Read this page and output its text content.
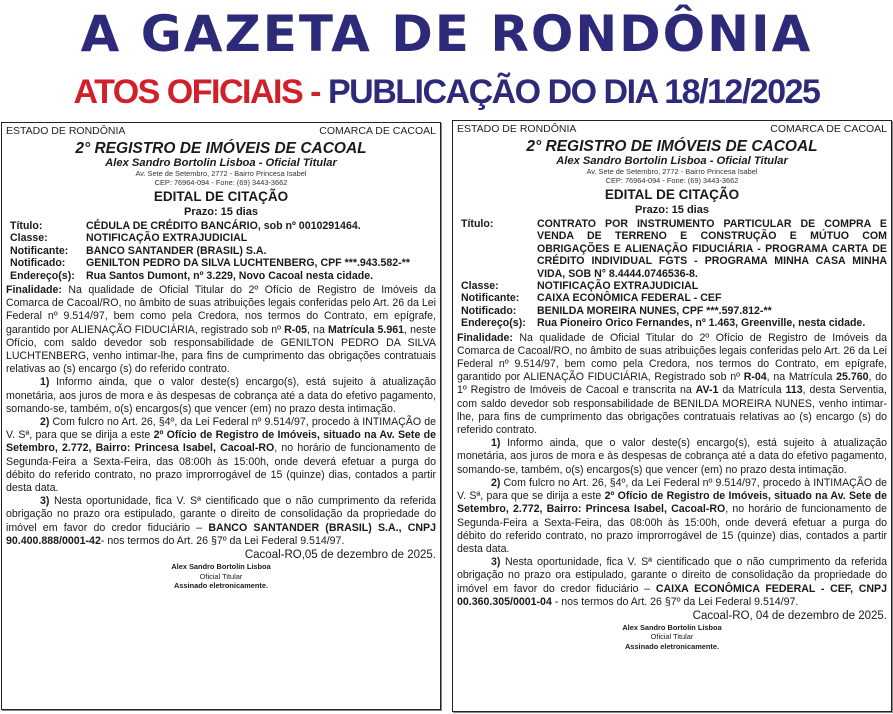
A GAZETA DE RONDÔNIA
ATOS OFICIAIS - PUBLICAÇÃO DO DIA 18/12/2025
ESTADO DE RONDÔNIA	COMARCA DE CACOAL
2° REGISTRO DE IMÓVEIS DE CACOAL
Alex Sandro Bortolin Lisboa - Oficial Titular
Av. Sete de Setembro, 2772 - Bairro Princesa Isabel
CEP: 76964-094 - Fone: (69) 3443-3662
EDITAL DE CITAÇÃO
Prazo: 15 dias
Título:	CÉDULA DE CRÉDITO BANCÁRIO, sob nº 0010291464.
Classe:	NOTIFICAÇÃO EXTRAJUDICIAL
Notificante:	BANCO SANTANDER (BRASIL) S.A.
Notificado:	GENILTON PEDRO DA SILVA LUCHTENBERG, CPF ***.943.582-**
Endereço(s):	Rua Santos Dumont, nº 3.229, Novo Cacoal nesta cidade.

Finalidade: Na qualidade de Oficial Titular do 2º Ofício de Registro de Imóveis da Comarca de Cacoal/RO, no âmbito de suas atribuições legais conferidas pelo Art. 26 da Lei Federal nº 9.514/97, bem como pela Credora, nos termos do Contrato, em epígrafe, garantido por ALIENAÇÃO FIDUCIÁRIA, registrado sob nº R-05, na Matrícula 5.961, neste Ofício, com saldo devedor sob responsabilidade de GENILTON PEDRO DA SILVA LUCHTENBERG, venho intimar-lhe, para fins de cumprimento das obrigações contratuais relativas ao (s) encargo (s) do referido contrato.

1) Informo ainda, que o valor deste(s) encargo(s), está sujeito à atualização monetária, aos juros de mora e às despesas de cobrança até a data do efetivo pagamento, somando-se, também, o(s) encargos(s) que vencer (em) no prazo desta intimação.

2) Com fulcro no Art. 26, §4º, da Lei Federal nº 9.514/97, procedo à INTIMAÇÃO de V. Sª, para que se dirija a este 2º Ofício de Registro de Imóveis, situado na Av. Sete de Setembro, 2.772, Bairro: Princesa Isabel, Cacoal-RO, no horário de funcionamento de Segunda-Feira a Sexta-Feira, das 08:00h às 15:00h, onde deverá efetuar a purga do débito do referido contrato, no prazo improrrogável de 15 (quinze) dias, contados a partir desta data.

3) Nesta oportunidade, fica V. Sª cientificado que o não cumprimento da referida obrigação no prazo ora estipulado, garante o direito de consolidação da propriedade do imóvel em favor do credor fiduciário – BANCO SANTANDER (BRASIL) S.A., CNPJ 90.400.888/0001-42- nos termos do Art. 26 §7º da Lei Federal 9.514/97.

Cacoal-RO,05 de dezembro de 2025.
Alex Sandro Bortolin Lisboa
Oficial Titular
Assinado eletronicamente.
ESTADO DE RONDÔNIA	COMARCA DE CACOAL
2° REGISTRO DE IMÓVEIS DE CACOAL
Alex Sandro Bortolin Lisboa - Oficial Titular
Av. Sete de Setembro, 2772 - Bairro Princesa Isabel
CEP: 76964-094 - Fone: (69) 3443-3662
EDITAL DE CITAÇÃO
Prazo: 15 dias
Título:	CONTRATO POR INSTRUMENTO PARTICULAR DE COMPRA E VENDA DE TERRENO E CONSTRUÇÃO E MÚTUO COM OBRIGAÇÕES E ALIENAÇÃO FIDUCIÁRIA - PROGRAMA CARTA DE CRÉDITO INDIVIDUAL FGTS - PROGRAMA MINHA CASA MINHA VIDA, SOB N° 8.4444.0746536-8.
Classe:	NOTIFICAÇÃO EXTRAJUDICIAL
Notificante:	CAIXA ECONÔMICA FEDERAL - CEF
Notificado:	BENILDA MOREIRA NUNES, CPF ***.597.812-**
Endereço(s):	Rua Pioneiro Orico Fernandes, nº 1.463, Greenville, nesta cidade.

Finalidade: Na qualidade de Oficial Titular do 2º Ofício de Registro de Imóveis da Comarca de Cacoal/RO, no âmbito de suas atribuições legais conferidas pelo Art. 26 da Lei Federal nº 9.514/97, bem como pela Credora, nos termos do Contrato, em epígrafe, garantido por ALIENAÇÃO FIDUCIÁRIA, Registrado sob nº R-04, na Matrícula 25.760, do 1º Registro de Imóveis de Cacoal e transcrita na AV-1 da Matrícula 113, desta Serventia, com saldo devedor sob responsabilidade de BENILDA MOREIRA NUNES, venho intimar-lhe, para fins de cumprimento das obrigações contratuais relativas ao (s) encargo (s) do referido contrato.

1) Informo ainda, que o valor deste(s) encargo(s), está sujeito à atualização monetária, aos juros de mora e às despesas de cobrança até a data do efetivo pagamento, somando-se, também, o(s) encargos(s) que vencer (em) no prazo desta intimação.

2) Com fulcro no Art. 26, §4º, da Lei Federal nº 9.514/97, procedo à INTIMAÇÃO de V. Sª, para que se dirija a este 2º Ofício de Registro de Imóveis, situado na Av. Sete de Setembro, 2.772, Bairro: Princesa Isabel, Cacoal-RO, no horário de funcionamento de Segunda-Feira a Sexta-Feira, das 08:00h às 15:00h, onde deverá efetuar a purga do débito do referido contrato, no prazo improrrogável de 15 (quinze) dias, contados a partir desta data.

3) Nesta oportunidade, fica V. Sª cientificado que o não cumprimento da referida obrigação no prazo ora estipulado, garante o direito de consolidação da propriedade do imóvel em favor do credor fiduciário – CAIXA ECONÔMICA FEDERAL - CEF, CNPJ 00.360.305/0001-04 - nos termos do Art. 26 §7º da Lei Federal 9.514/97.

Cacoal-RO, 04 de dezembro de 2025.
Alex Sandro Bortolin Lisboa
Oficial Titular
Assinado eletronicamente.
